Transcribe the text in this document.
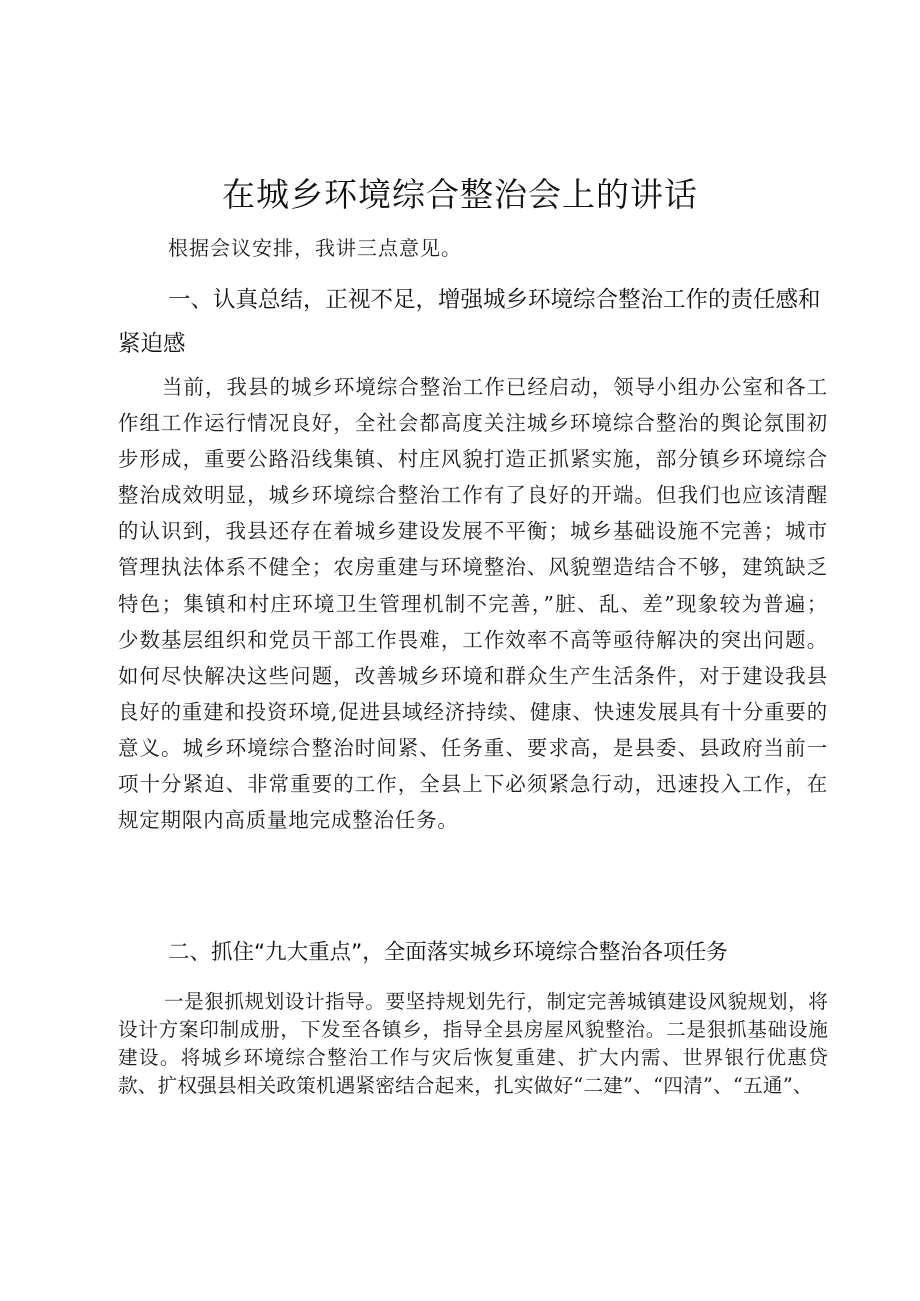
在城乡环境综合整治会上的讲话

根据会议安排，我讲三点意见。

一、认真总结，正视不足，增强城乡环境综合整治工作的责任感和紧迫感

当前，我县的城乡环境综合整治工作已经启动，领导小组办公室和各工作组工作运行情况良好，全社会都高度关注城乡环境综合整治的舆论氛围初步形成，重要公路沿线集镇、村庄风貌打造正抓紧实施，部分镇乡环境综合整治成效明显，城乡环境综合整治工作有了良好的开端。但我们也应该清醒的认识到，我县还存在着城乡建设发展不平衡；城乡基础设施不完善；城市管理执法体系不健全；农房重建与环境整治、风貌塑造结合不够，建筑缺乏特色；集镇和村庄环境卫生管理机制不完善，”脏、乱、差”现象较为普遍；少数基层组织和党员干部工作畏难，工作效率不高等亟待解决的突出问题。如何尽快解决这些问题，改善城乡环境和群众生产生活条件，对于建设我县良好的重建和投资环境,促进县域经济持续、健康、快速发展具有十分重要的意义。城乡环境综合整治时间紧、任务重、要求高，是县委、县政府当前一项十分紧迫、非常重要的工作，全县上下必须紧急行动，迅速投入工作，在规定期限内高质量地完成整治任务。

二、抓住“九大重点”，全面落实城乡环境综合整治各项任务

一是狠抓规划设计指导。要坚持规划先行，制定完善城镇建设风貌规划，将设计方案印制成册，下发至各镇乡，指导全县房屋风貌整治。二是狠抓基础设施建设。将城乡环境综合整治工作与灾后恢复重建、扩大内需、世界银行优惠贷款、扩权强县相关政策机遇紧密结合起来，扎实做好“二建”、“四清”、“五通”、
